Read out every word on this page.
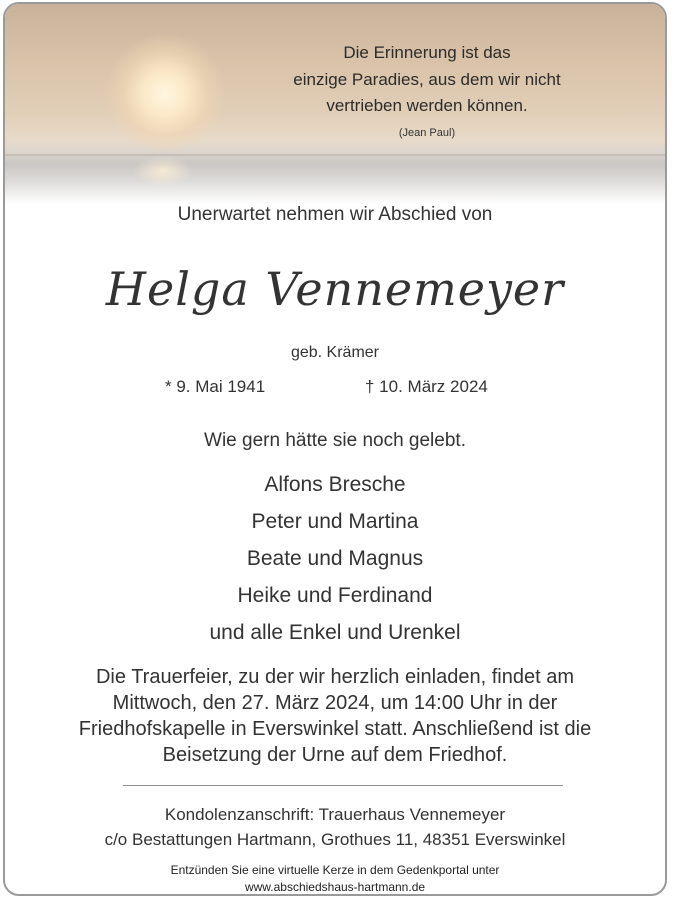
Die Erinnerung ist das
einzige Paradies, aus dem wir nicht
vertrieben werden können.
(Jean Paul)
Unerwartet nehmen wir Abschied von
Helga Vennemeyer
geb. Krämer
* 9. Mai 1941	† 10. März 2024
Wie gern hätte sie noch gelebt.
Alfons Bresche
Peter und Martina
Beate und Magnus
Heike und Ferdinand
und alle Enkel und Urenkel
Die Trauerfeier, zu der wir herzlich einladen, findet am
Mittwoch, den 27. März 2024, um 14:00 Uhr in der
Friedhofskapelle in Everswinkel statt. Anschließend ist die
Beisetzung der Urne auf dem Friedhof.
Kondolenzanschrift: Trauerhaus Vennemeyer
c/o Bestattungen Hartmann, Grothues 11, 48351 Everswinkel
Entzünden Sie eine virtuelle Kerze in dem Gedenkportal unter
www.abschiedshaus-hartmann.de
